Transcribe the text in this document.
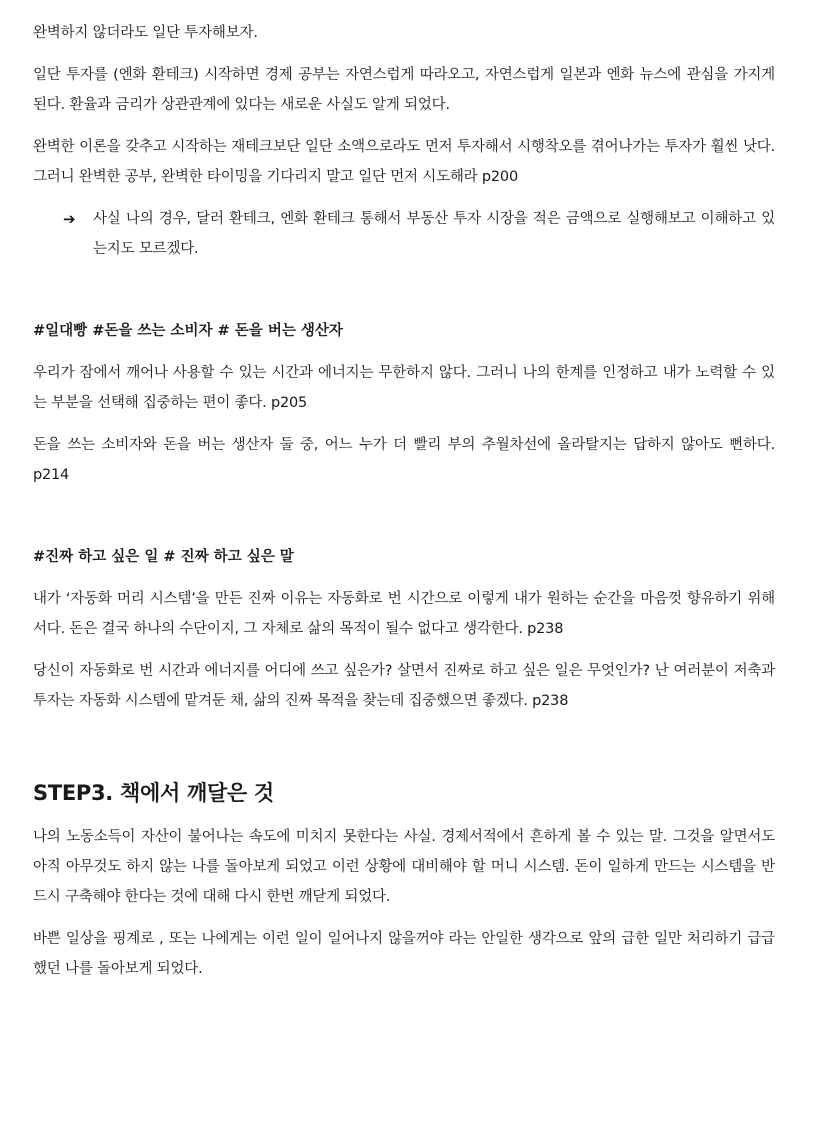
완벽하지 않더라도 일단 투자해보자.

일단 투자를 (엔화 환테크) 시작하면 경제 공부는 자연스럽게 따라오고, 자연스럽게 일본과 엔화 뉴스에 관심을 가지게 된다. 환율과 금리가 상관관계에 있다는 새로운 사실도 알게 되었다.

완벽한 이론을 갖추고 시작하는 재테크보단 일단 소액으로라도 먼저 투자해서 시행착오를 겪어나가는 투자가 훨씬 낫다. 그러니 완벽한 공부, 완벽한 타이밍을 기다리지 말고 일단 먼저 시도해라 p200

➔	사실 나의 경우, 달러 환테크, 엔화 환테크 통해서 부동산 투자 시장을 적은 금액으로 실행해보고 이해하고 있는지도 모르겠다.

#일대빵 #돈을 쓰는 소비자 # 돈을 버는 생산자

우리가 잠에서 깨어나 사용할 수 있는 시간과 에너지는 무한하지 않다. 그러니 나의 한계를 인정하고 내가 노력할 수 있는 부분을 선택해 집중하는 편이 좋다. p205

돈을 쓰는 소비자와 돈을 버는 생산자 둘 중, 어느 누가 더 빨리 부의 추월차선에 올라탈지는 답하지 않아도 뻔하다. p214

#진짜 하고 싶은 일 # 진짜 하고 싶은 말

내가 ‘자동화 머리 시스템’을 만든 진짜 이유는 자동화로 번 시간으로 이렇게 내가 원하는 순간을 마음껏 향유하기 위해서다. 돈은 결국 하나의 수단이지, 그 자체로 삶의 목적이 될수 없다고 생각한다. p238

당신이 자동화로 번 시간과 에너지를 어디에 쓰고 싶은가? 살면서 진짜로 하고 싶은 일은 무엇인가? 난 여러분이 저축과 투자는 자동화 시스템에 맡겨둔 채, 삶의 진짜 목적을 찾는데 집중했으면 좋겠다. p238

STEP3. 책에서 깨달은 것

나의 노동소득이 자산이 불어나는 속도에 미치지 못한다는 사실. 경제서적에서 흔하게 볼 수 있는 말. 그것을 알면서도 아직 아무것도 하지 않는 나를 돌아보게 되었고 이런 상황에 대비해야 할 머니 시스템. 돈이 일하게 만드는 시스템을 반드시 구축해야 한다는 것에 대해 다시 한번 깨닫게 되었다.

바쁜 일상을 핑계로 , 또는 나에게는 이런 일이 일어나지 않을꺼야 라는 안일한 생각으로 앞의 급한 일만 처리하기 급급했던 나를 돌아보게 되었다.
